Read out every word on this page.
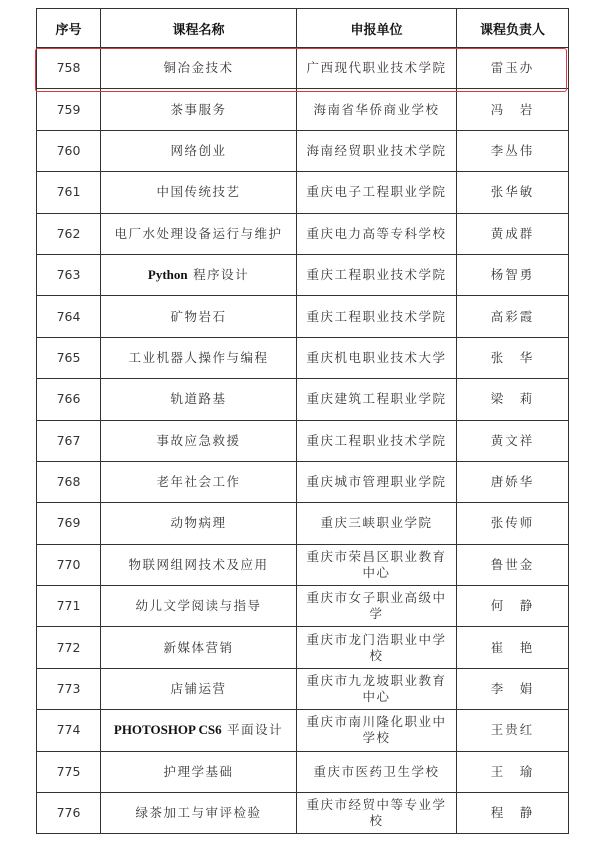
序号	课程名称	申报单位	课程负责人
758	铜冶金技术	广西现代职业技术学院	雷玉办
759	茶事服务	海南省华侨商业学校	冯　岩
760	网络创业	海南经贸职业技术学院	李丛伟
761	中国传统技艺	重庆电子工程职业学院	张华敏
762	电厂水处理设备运行与维护	重庆电力高等专科学校	黄成群
763	Python 程序设计	重庆工程职业技术学院	杨智勇
764	矿物岩石	重庆工程职业技术学院	高彩霞
765	工业机器人操作与编程	重庆机电职业技术大学	张　华
766	轨道路基	重庆建筑工程职业学院	梁　莉
767	事故应急救援	重庆工程职业技术学院	黄文祥
768	老年社会工作	重庆城市管理职业学院	唐娇华
769	动物病理	重庆三峡职业学院	张传师
770	物联网组网技术及应用	重庆市荣昌区职业教育中心	鲁世金
771	幼儿文学阅读与指导	重庆市女子职业高级中学	何　静
772	新媒体营销	重庆市龙门浩职业中学校	崔　艳
773	店铺运营	重庆市九龙坡职业教育中心	李　娟
774	PHOTOSHOP CS6 平面设计	重庆市南川隆化职业中学校	王贵红
775	护理学基础	重庆市医药卫生学校	王　瑜
776	绿茶加工与审评检验	重庆市经贸中等专业学校	程　静
